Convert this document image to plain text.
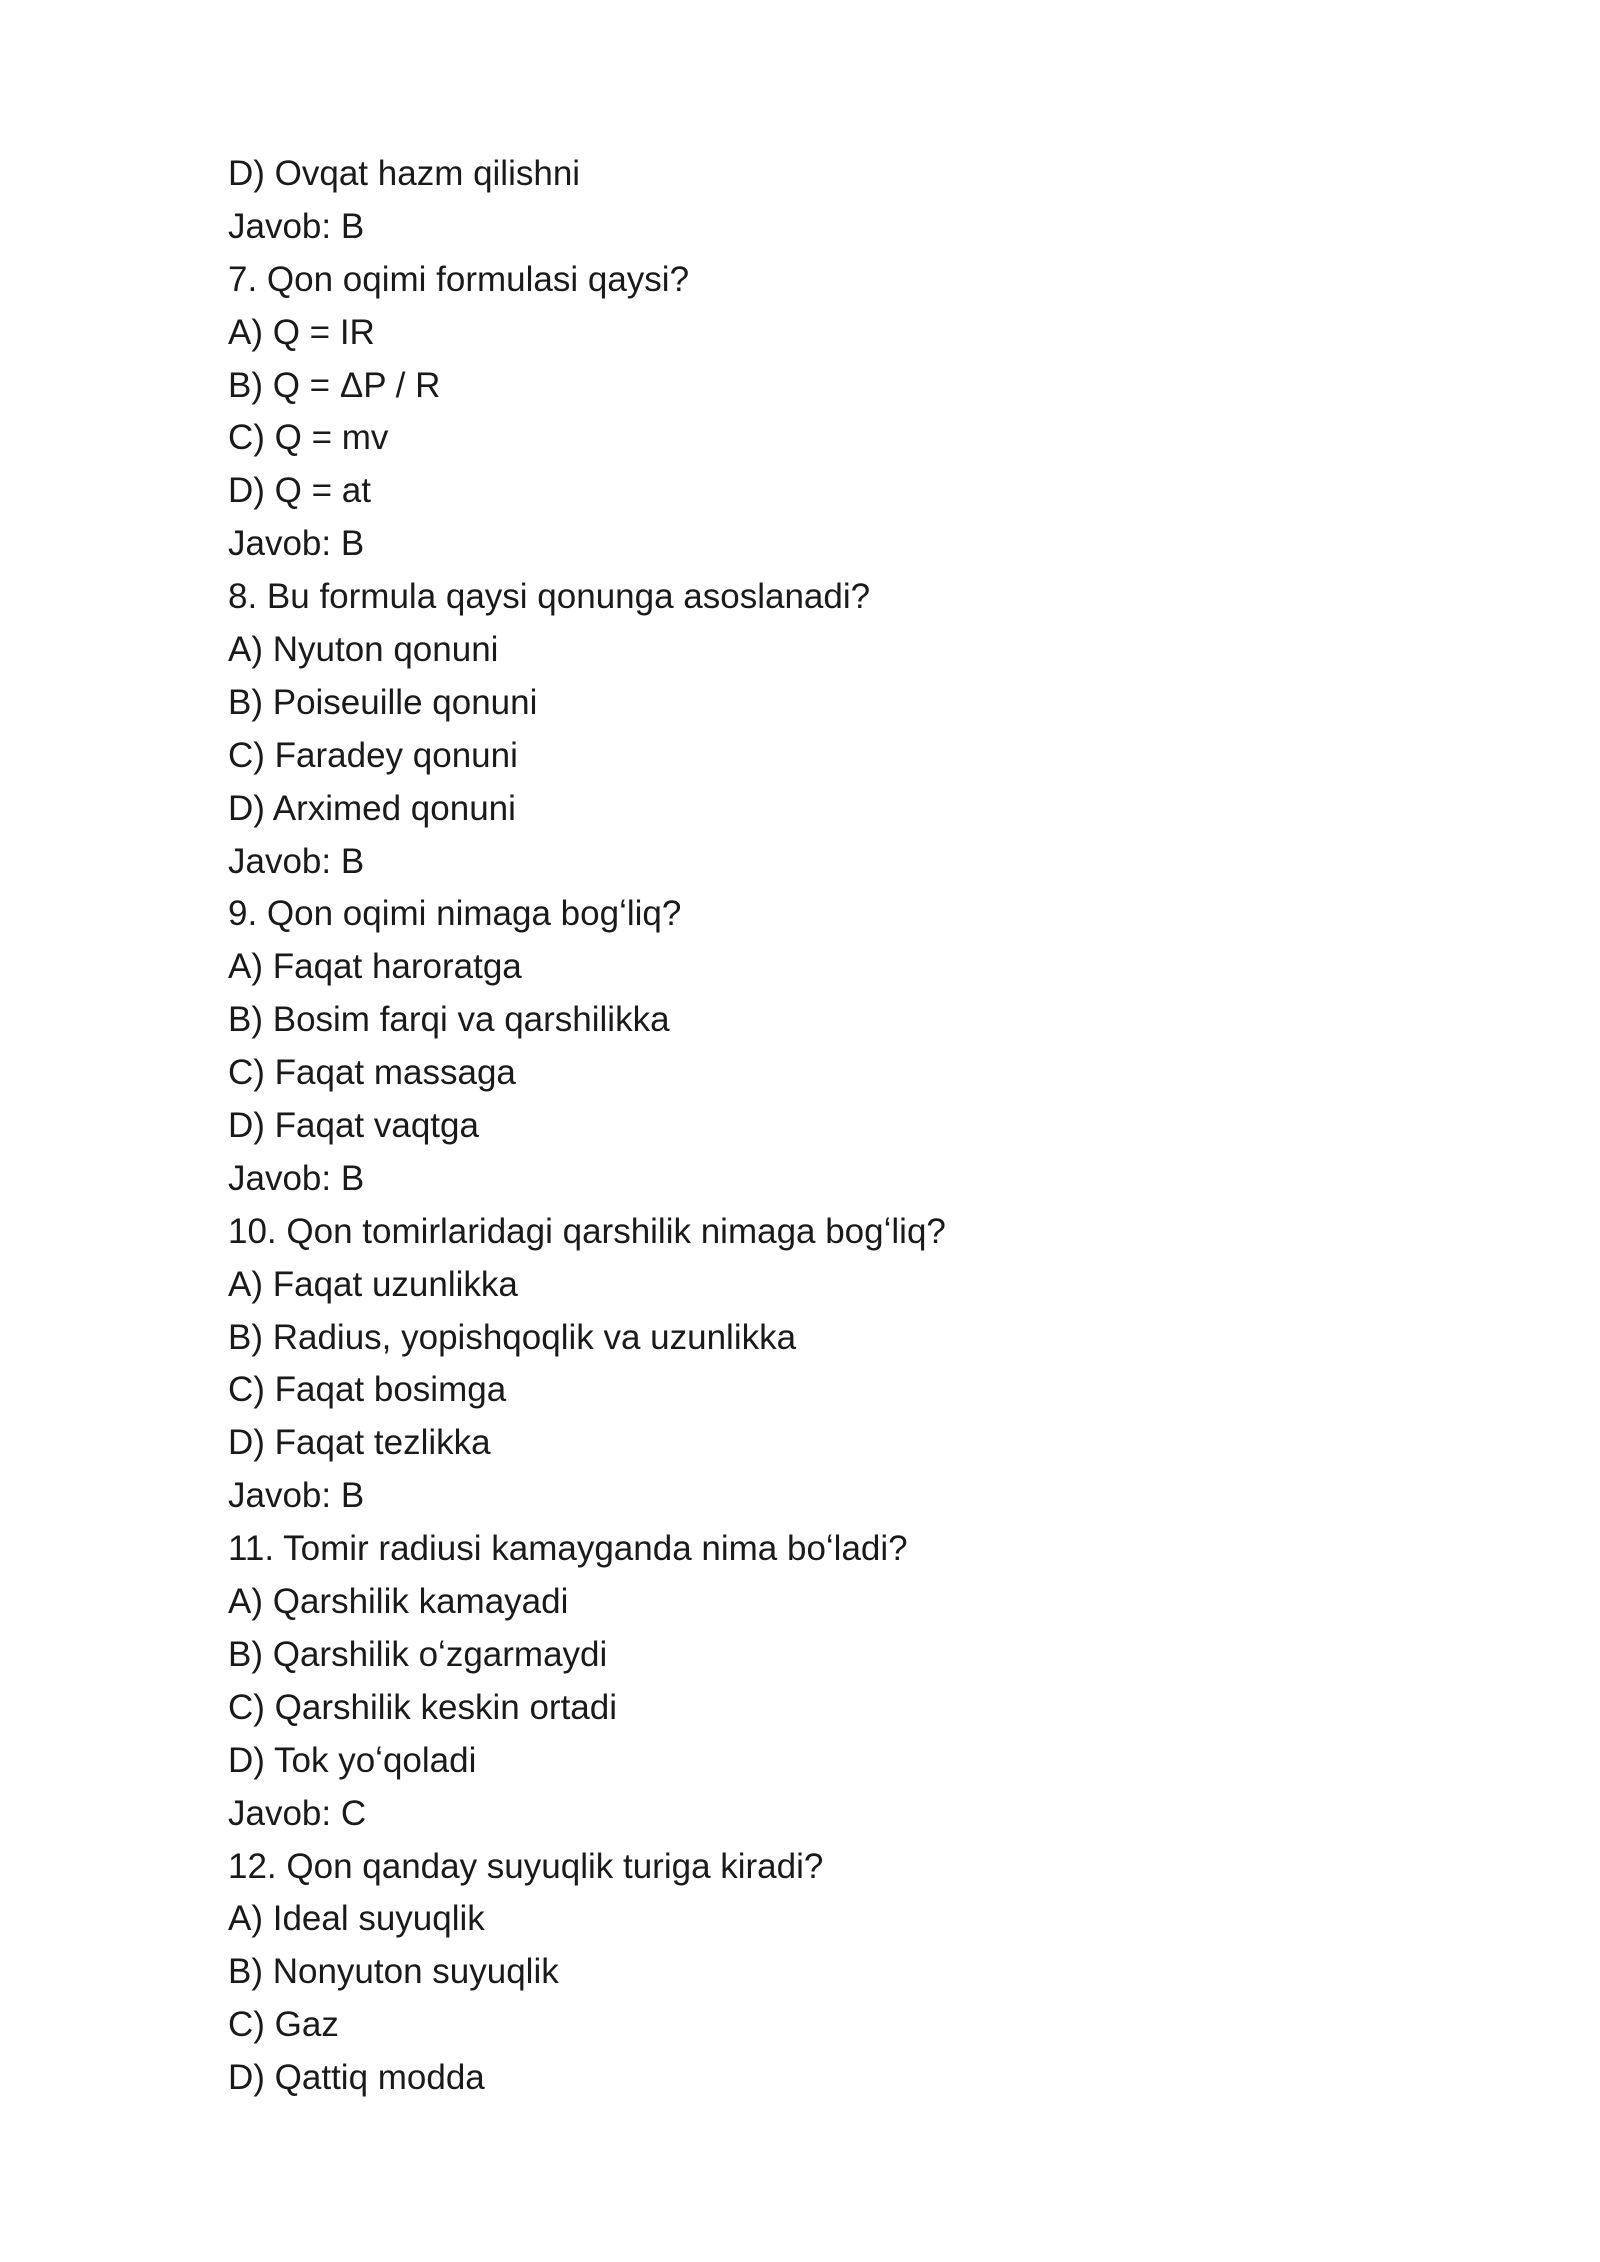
D) Ovqat hazm qilishni
Javob: B
7. Qon oqimi formulasi qaysi?
A) Q = IR
B) Q = ΔP / R
C) Q = mv
D) Q = at
Javob: B
8. Bu formula qaysi qonunga asoslanadi?
A) Nyuton qonuni
B) Poiseuille qonuni
C) Faradey qonuni
D) Arximed qonuni
Javob: B
9. Qon oqimi nimaga bogʻliq?
A) Faqat haroratga
B) Bosim farqi va qarshilikka
C) Faqat massaga
D) Faqat vaqtga
Javob: B
10. Qon tomirlaridagi qarshilik nimaga bogʻliq?
A) Faqat uzunlikka
B) Radius, yopishqoqlik va uzunlikka
C) Faqat bosimga
D) Faqat tezlikka
Javob: B
11. Tomir radiusi kamayganda nima boʻladi?
A) Qarshilik kamayadi
B) Qarshilik oʻzgarmaydi
C) Qarshilik keskin ortadi
D) Tok yoʻqoladi
Javob: C
12. Qon qanday suyuqlik turiga kiradi?
A) Ideal suyuqlik
B) Nonyuton suyuqlik
C) Gaz
D) Qattiq modda
